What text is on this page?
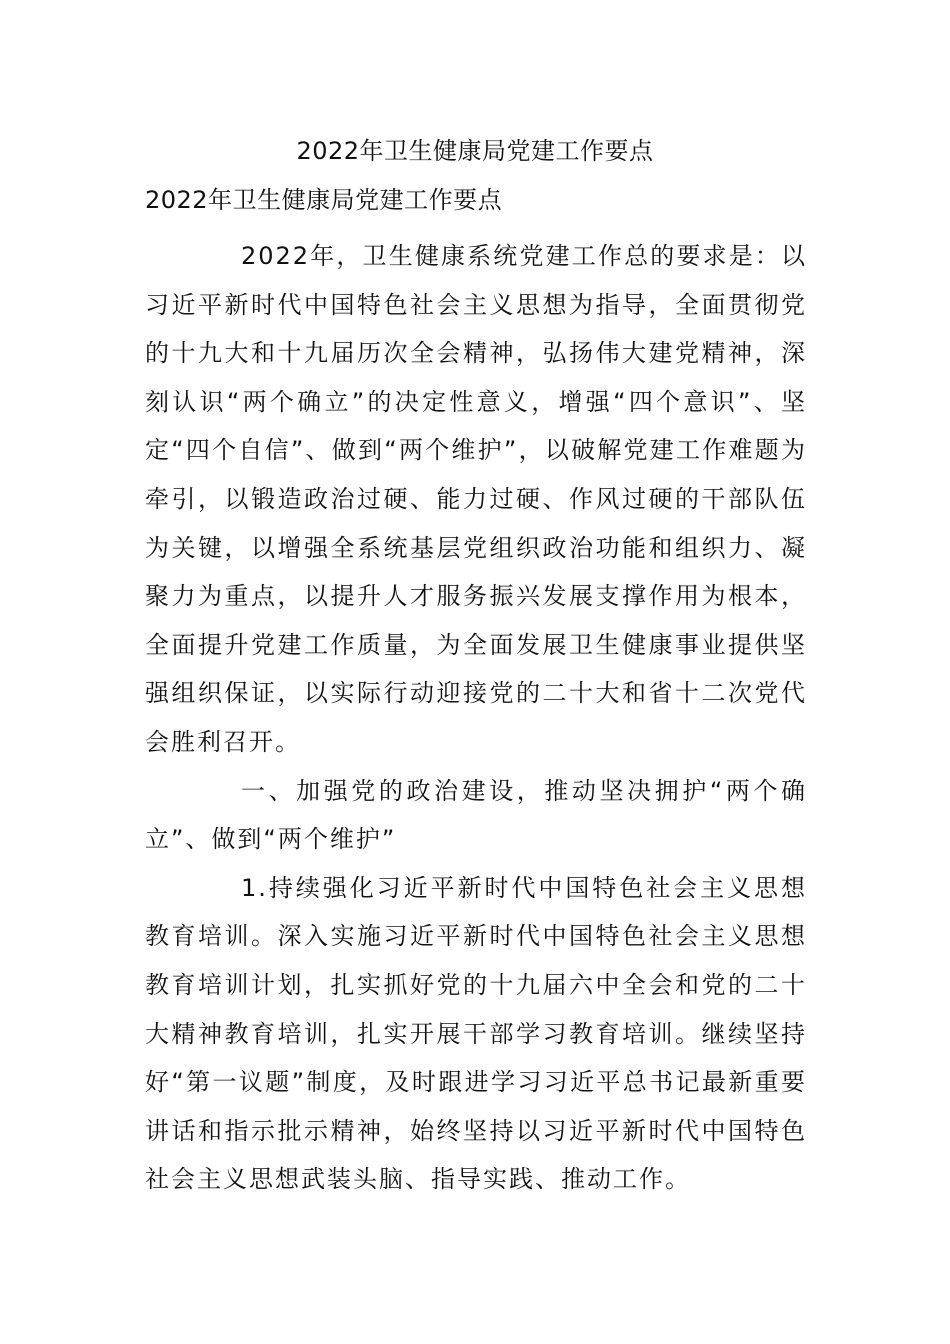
2022年卫生健康局党建工作要点
2022年卫生健康局党建工作要点

2022年，卫生健康系统党建工作总的要求是：以习近平新时代中国特色社会主义思想为指导，全面贯彻党的十九大和十九届历次全会精神，弘扬伟大建党精神，深刻认识“两个确立”的决定性意义，增强“四个意识”、坚定“四个自信”、做到“两个维护”，以破解党建工作难题为牵引，以锻造政治过硬、能力过硬、作风过硬的干部队伍为关键，以增强全系统基层党组织政治功能和组织力、凝聚力为重点，以提升人才服务振兴发展支撑作用为根本，全面提升党建工作质量，为全面发展卫生健康事业提供坚强组织保证，以实际行动迎接党的二十大和省十二次党代会胜利召开。

一、加强党的政治建设，推动坚决拥护“两个确立”、做到“两个维护”

1.持续强化习近平新时代中国特色社会主义思想教育培训。深入实施习近平新时代中国特色社会主义思想教育培训计划，扎实抓好党的十九届六中全会和党的二十大精神教育培训，扎实开展干部学习教育培训。继续坚持好“第一议题”制度，及时跟进学习习近平总书记最新重要讲话和指示批示精神，始终坚持以习近平新时代中国特色社会主义思想武装头脑、指导实践、推动工作。
